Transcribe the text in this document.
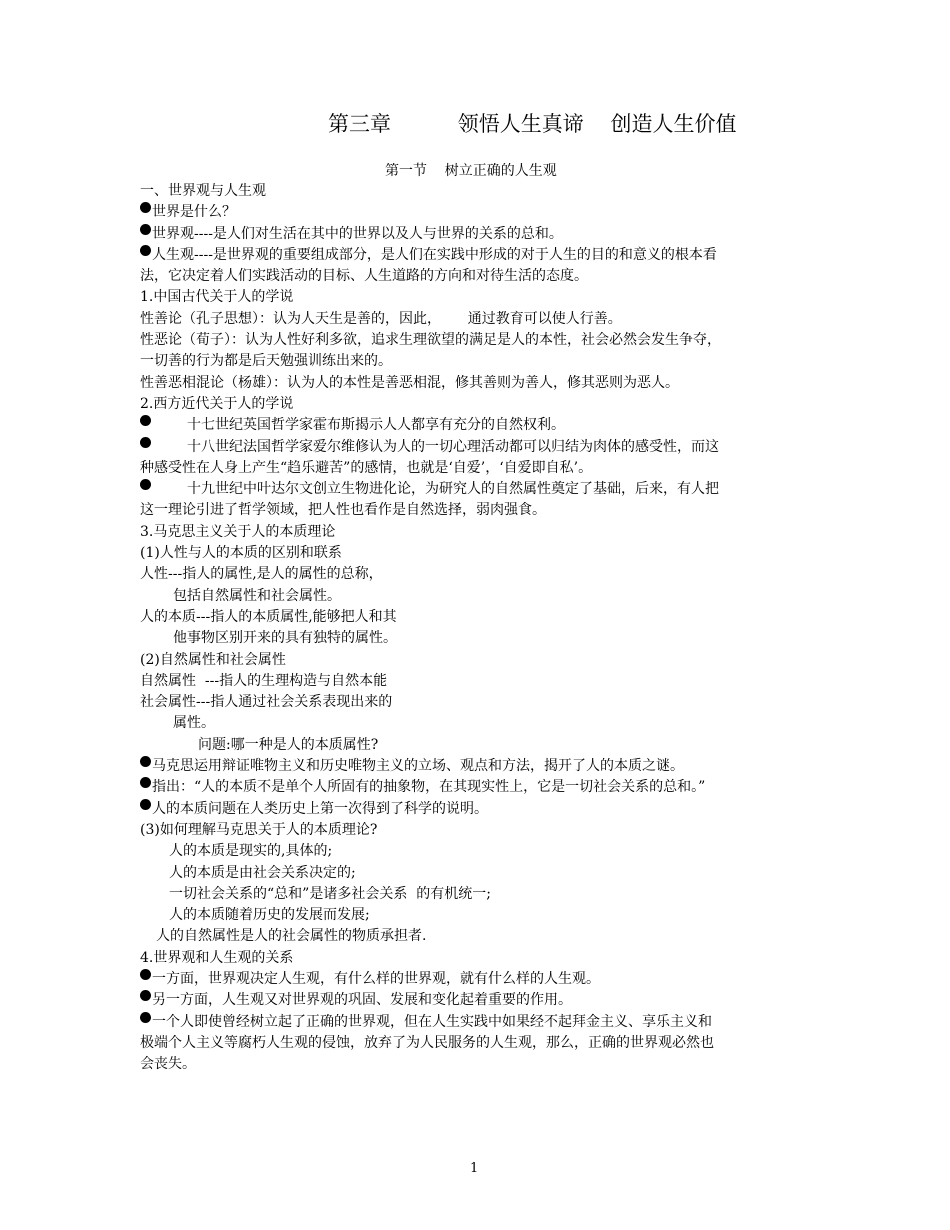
第三章          领悟人生真谛    创造人生价值
第一节    树立正确的人生观
一、世界观与人生观
世界是什么？
世界观----是人们对生活在其中的世界以及人与世界的关系的总和。
人生观----是世界观的重要组成部分，是人们在实践中形成的对于人生的目的和意义的根本看
法，它决定着人们实践活动的目标、人生道路的方向和对待生活的态度。
1.中国古代关于人的学说
性善论（孔子思想）：认为人天生是善的，因此，      通过教育可以使人行善。
性恶论（荀子）：认为人性好利多欲，追求生理欲望的满足是人的本性，社会必然会发生争夺，
一切善的行为都是后天勉强训练出来的。
性善恶相混论（杨雄）：认为人的本性是善恶相混，修其善则为善人，修其恶则为恶人。
2.西方近代关于人的学说
十七世纪英国哲学家霍布斯揭示人人都享有充分的自然权利。
十八世纪法国哲学家爱尔维修认为人的一切心理活动都可以归结为肉体的感受性，而这
种感受性在人身上产生“趋乐避苦”的感情，也就是‘自爱’，‘自爱即自私’。
十九世纪中叶达尔文创立生物进化论，为研究人的自然属性奠定了基础，后来，有人把
这一理论引进了哲学领域，把人性也看作是自然选择，弱肉强食。
3.马克思主义关于人的本质理论
(1)人性与人的本质的区别和联系
人性---指人的属性,是人的属性的总称，
包括自然属性和社会属性。
人的本质---指人的本质属性,能够把人和其
他事物区别开来的具有独特的属性。
(2)自然属性和社会属性
自然属性  ---指人的生理构造与自然本能
社会属性---指人通过社会关系表现出来的
属性。
问题:哪一种是人的本质属性?
马克思运用辩证唯物主义和历史唯物主义的立场、观点和方法，揭开了人的本质之谜。
指出：“人的本质不是单个人所固有的抽象物，在其现实性上，它是一切社会关系的总和。”
人的本质问题在人类历史上第一次得到了科学的说明。
(3)如何理解马克思关于人的本质理论?
人的本质是现实的,具体的;
人的本质是由社会关系决定的;
一切社会关系的“总和”是诸多社会关系  的有机统一;
人的本质随着历史的发展而发展;
人的自然属性是人的社会属性的物质承担者.
4.世界观和人生观的关系
一方面，世界观决定人生观，有什么样的世界观，就有什么样的人生观。
另一方面，人生观又对世界观的巩固、发展和变化起着重要的作用。
一个人即使曾经树立起了正确的世界观，但在人生实践中如果经不起拜金主义、享乐主义和
极端个人主义等腐朽人生观的侵蚀，放弃了为人民服务的人生观，那么，正确的世界观必然也
会丧失。
1
